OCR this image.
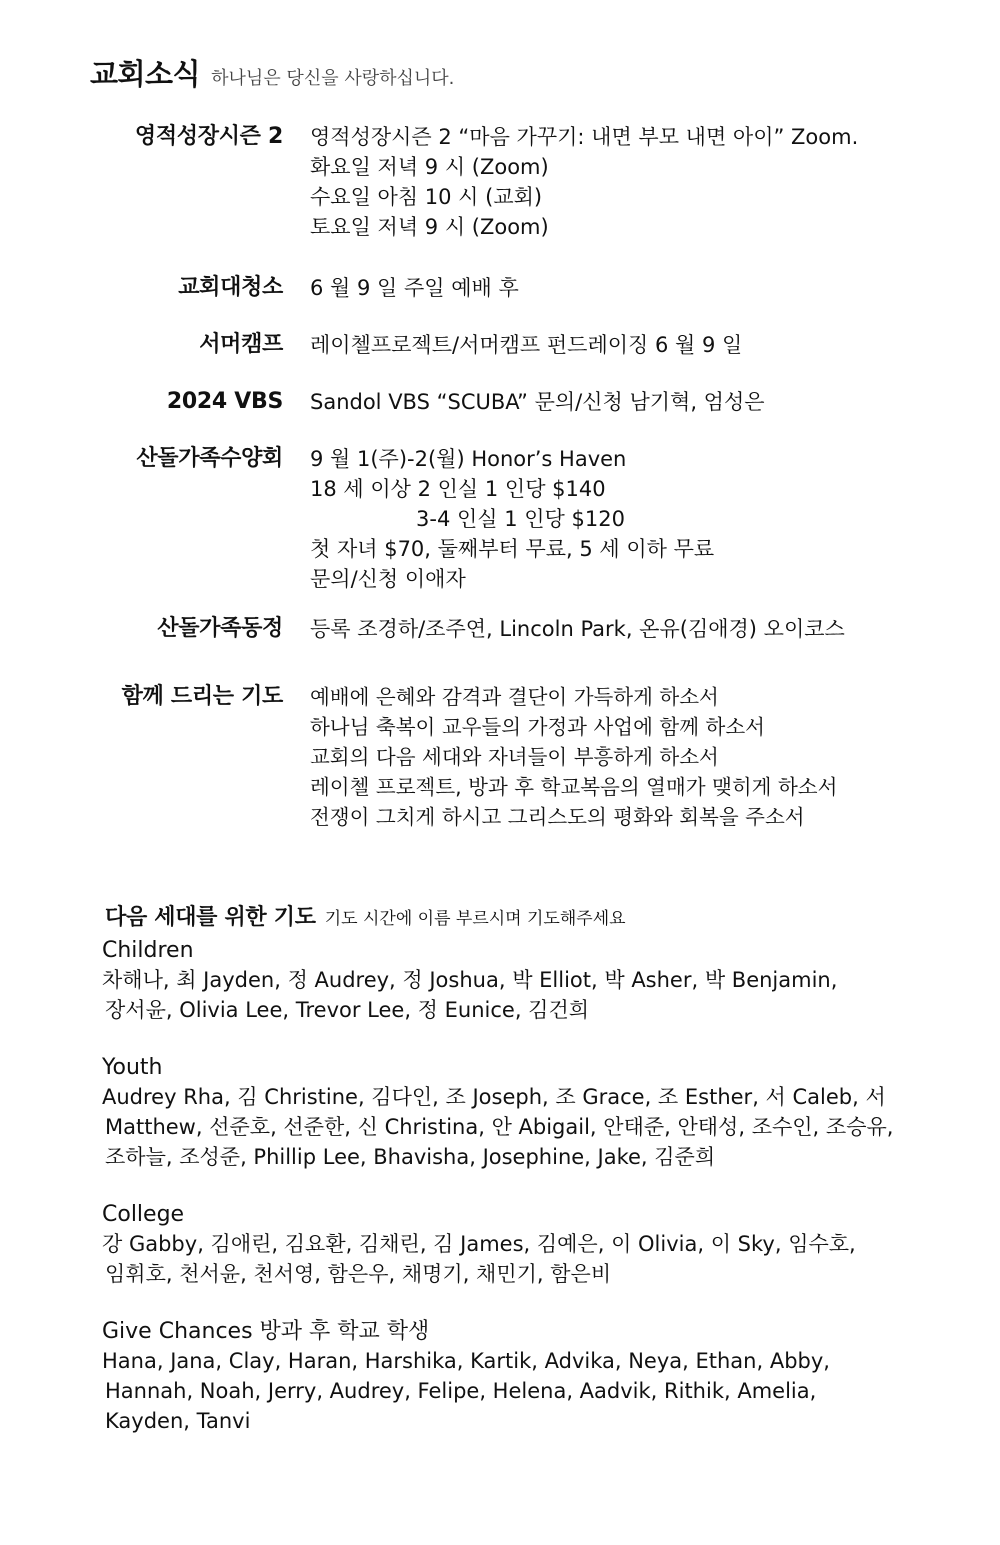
교회소식 하나님은 당신을 사랑하십니다.
영적성장시즌 2 영적성장시즌 2 “마음 가꾸기: 내면 부모 내면 아이” Zoom.
화요일 저녁 9 시 (Zoom)
수요일 아침 10 시 (교회)
토요일 저녁 9 시 (Zoom)
교회대청소 6 월 9 일 주일 예배 후
서머캠프 레이첼프로젝트/서머캠프 펀드레이징 6 월 9 일
2024 VBS Sandol VBS “SCUBA” 문의/신청 남기혁, 엄성은
산돌가족수양회 9 월 1(주)-2(월) Honor’s Haven
18 세 이상 2 인실 1 인당 $140
3-4 인실 1 인당 $120
첫 자녀 $70, 둘째부터 무료, 5 세 이하 무료
문의/신청 이애자
산돌가족동정 등록 조경하/조주연, Lincoln Park, 온유(김애경) 오이코스
함께 드리는 기도 예배에 은혜와 감격과 결단이 가득하게 하소서
하나님 축복이 교우들의 가정과 사업에 함께 하소서
교회의 다음 세대와 자녀들이 부흥하게 하소서
레이첼 프로젝트, 방과 후 학교복음의 열매가 맺히게 하소서
전쟁이 그치게 하시고 그리스도의 평화와 회복을 주소서
다음 세대를 위한 기도 기도 시간에 이름 부르시며 기도해주세요
Children
차해나, 최 Jayden, 정 Audrey, 정 Joshua, 박 Elliot, 박 Asher, 박 Benjamin,
장서윤, Olivia Lee, Trevor Lee, 정 Eunice, 김건희
Youth
Audrey Rha, 김 Christine, 김다인, 조 Joseph, 조 Grace, 조 Esther, 서 Caleb, 서
Matthew, 선준호, 선준한, 신 Christina, 안 Abigail, 안태준, 안태성, 조수인, 조승유,
조하늘, 조성준, Phillip Lee, Bhavisha, Josephine, Jake, 김준희
College
강 Gabby, 김애린, 김요환, 김채린, 김 James, 김예은, 이 Olivia, 이 Sky, 임수호,
임휘호, 천서윤, 천서영, 함은우, 채명기, 채민기, 함은비
Give Chances 방과 후 학교 학생
Hana, Jana, Clay, Haran, Harshika, Kartik, Advika, Neya, Ethan, Abby,
Hannah, Noah, Jerry, Audrey, Felipe, Helena, Aadvik, Rithik, Amelia,
Kayden, Tanvi
